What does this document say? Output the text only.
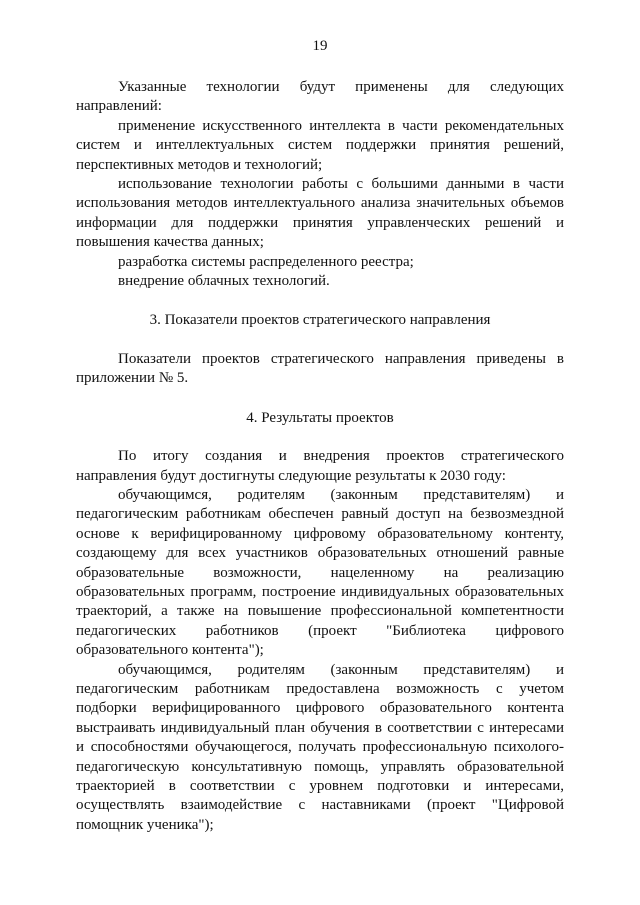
19

Указанные технологии будут применены для следующих направлений:

применение искусственного интеллекта в части рекомендательных систем и интеллектуальных систем поддержки принятия решений, перспективных методов и технологий;

использование технологии работы с большими данными в части использования методов интеллектуального анализа значительных объемов информации для поддержки принятия управленческих решений и повышения качества данных;

разработка системы распределенного реестра;

внедрение облачных технологий.

3. Показатели проектов стратегического направления

Показатели проектов стратегического направления приведены в приложении № 5.

4. Результаты проектов

По итогу создания и внедрения проектов стратегического направления будут достигнуты следующие результаты к 2030 году:

обучающимся, родителям (законным представителям) и педагогическим работникам обеспечен равный доступ на безвозмездной основе к верифицированному цифровому образовательному контенту, создающему для всех участников образовательных отношений равные образовательные возможности, нацеленному на реализацию образовательных программ, построение индивидуальных образовательных траекторий, а также на повышение профессиональной компетентности педагогических работников (проект "Библиотека цифрового образовательного контента");

обучающимся, родителям (законным представителям) и педагогическим работникам предоставлена возможность с учетом подборки верифицированного цифрового образовательного контента выстраивать индивидуальный план обучения в соответствии с интересами и способностями обучающегося, получать профессиональную психолого-педагогическую консультативную помощь, управлять образовательной траекторией в соответствии с уровнем подготовки и интересами, осуществлять взаимодействие с наставниками (проект "Цифровой помощник ученика");
